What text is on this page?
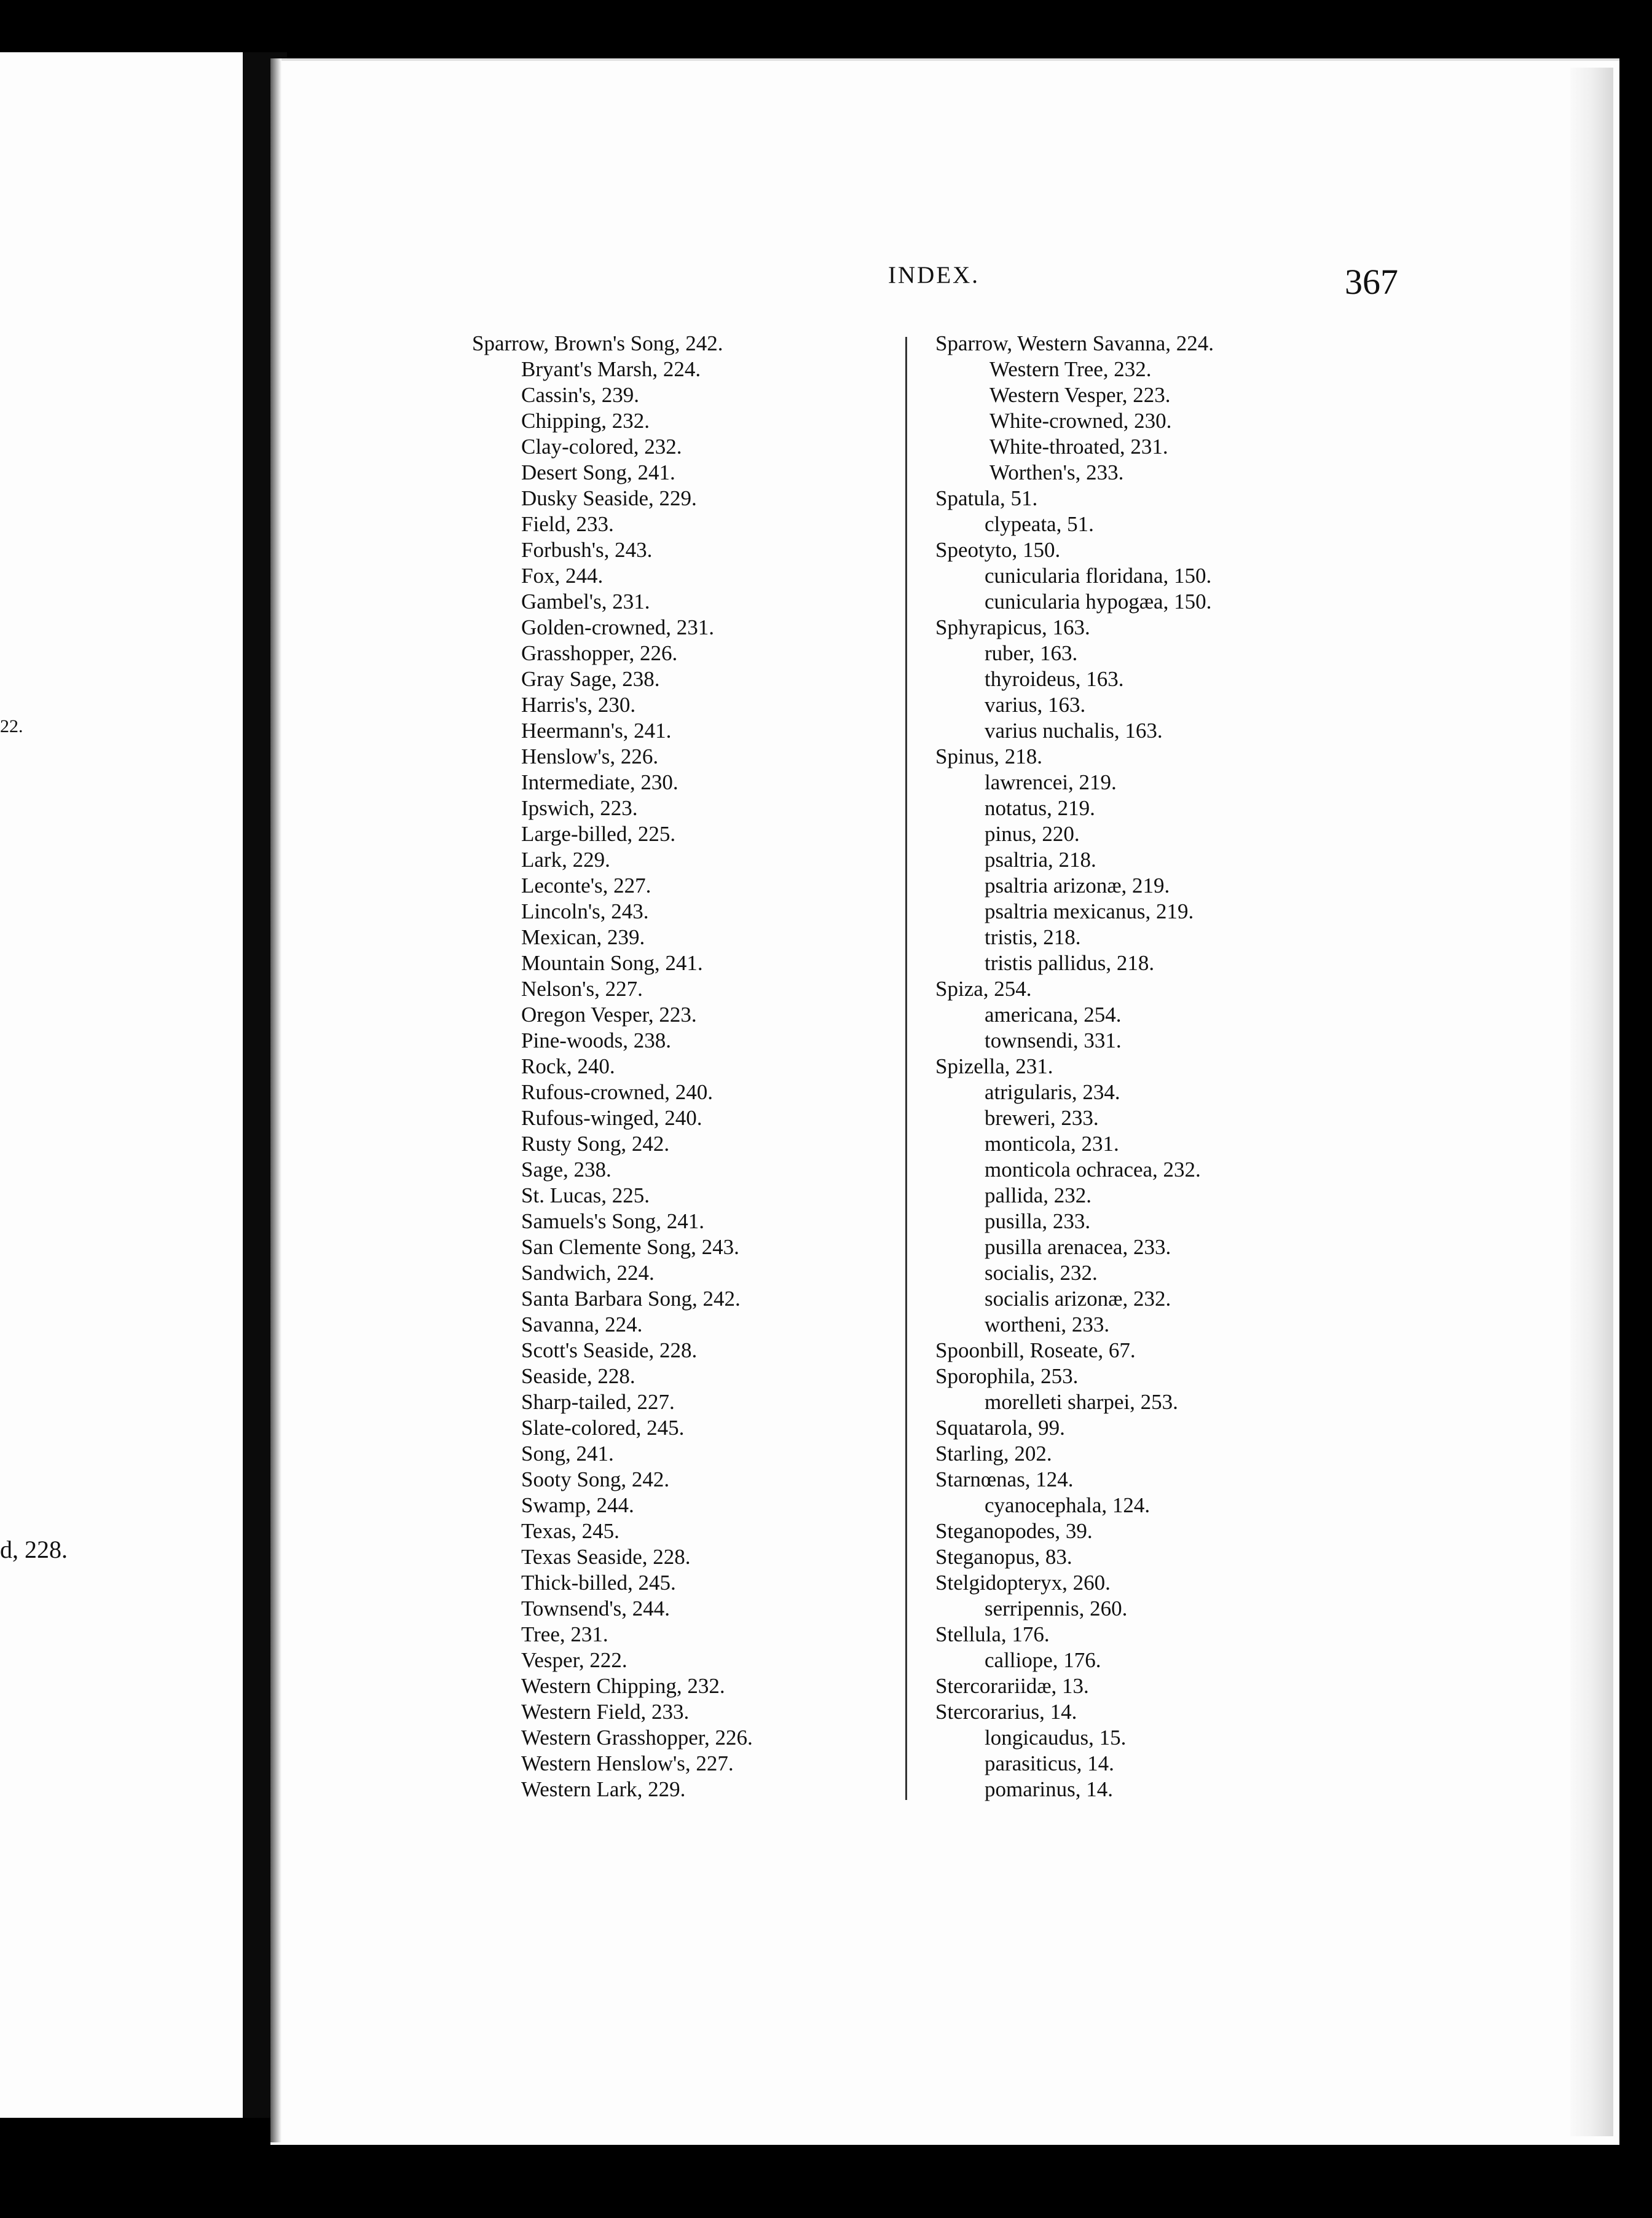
22.
d, 228.
INDEX.	367
Sparrow, Brown's Song, 242.
Bryant's Marsh, 224.
Cassin's, 239.
Chipping, 232.
Clay-colored, 232.
Desert Song, 241.
Dusky Seaside, 229.
Field, 233.
Forbush's, 243.
Fox, 244.
Gambel's, 231.
Golden-crowned, 231.
Grasshopper, 226.
Gray Sage, 238.
Harris's, 230.
Heermann's, 241.
Henslow's, 226.
Intermediate, 230.
Ipswich, 223.
Large-billed, 225.
Lark, 229.
Leconte's, 227.
Lincoln's, 243.
Mexican, 239.
Mountain Song, 241.
Nelson's, 227.
Oregon Vesper, 223.
Pine-woods, 238.
Rock, 240.
Rufous-crowned, 240.
Rufous-winged, 240.
Rusty Song, 242.
Sage, 238.
St. Lucas, 225.
Samuels's Song, 241.
San Clemente Song, 243.
Sandwich, 224.
Santa Barbara Song, 242.
Savanna, 224.
Scott's Seaside, 228.
Seaside, 228.
Sharp-tailed, 227.
Slate-colored, 245.
Song, 241.
Sooty Song, 242.
Swamp, 244.
Texas, 245.
Texas Seaside, 228.
Thick-billed, 245.
Townsend's, 244.
Tree, 231.
Vesper, 222.
Western Chipping, 232.
Western Field, 233.
Western Grasshopper, 226.
Western Henslow's, 227.
Western Lark, 229.
Sparrow, Western Savanna, 224.
Western Tree, 232.
Western Vesper, 223.
White-crowned, 230.
White-throated, 231.
Worthen's, 233.
Spatula, 51.
clypeata, 51.
Speotyto, 150.
cunicularia floridana, 150.
cunicularia hypogæa, 150.
Sphyrapicus, 163.
ruber, 163.
thyroideus, 163.
varius, 163.
varius nuchalis, 163.
Spinus, 218.
lawrencei, 219.
notatus, 219.
pinus, 220.
psaltria, 218.
psaltria arizonæ, 219.
psaltria mexicanus, 219.
tristis, 218.
tristis pallidus, 218.
Spiza, 254.
americana, 254.
townsendi, 331.
Spizella, 231.
atrigularis, 234.
breweri, 233.
monticola, 231.
monticola ochracea, 232.
pallida, 232.
pusilla, 233.
pusilla arenacea, 233.
socialis, 232.
socialis arizonæ, 232.
wortheni, 233.
Spoonbill, Roseate, 67.
Sporophila, 253.
morelleti sharpei, 253.
Squatarola, 99.
Starling, 202.
Starnœnas, 124.
cyanocephala, 124.
Steganopodes, 39.
Steganopus, 83.
Stelgidopteryx, 260.
serripennis, 260.
Stellula, 176.
calliope, 176.
Stercorariidæ, 13.
Stercorarius, 14.
longicaudus, 15.
parasiticus, 14.
pomarinus, 14.
